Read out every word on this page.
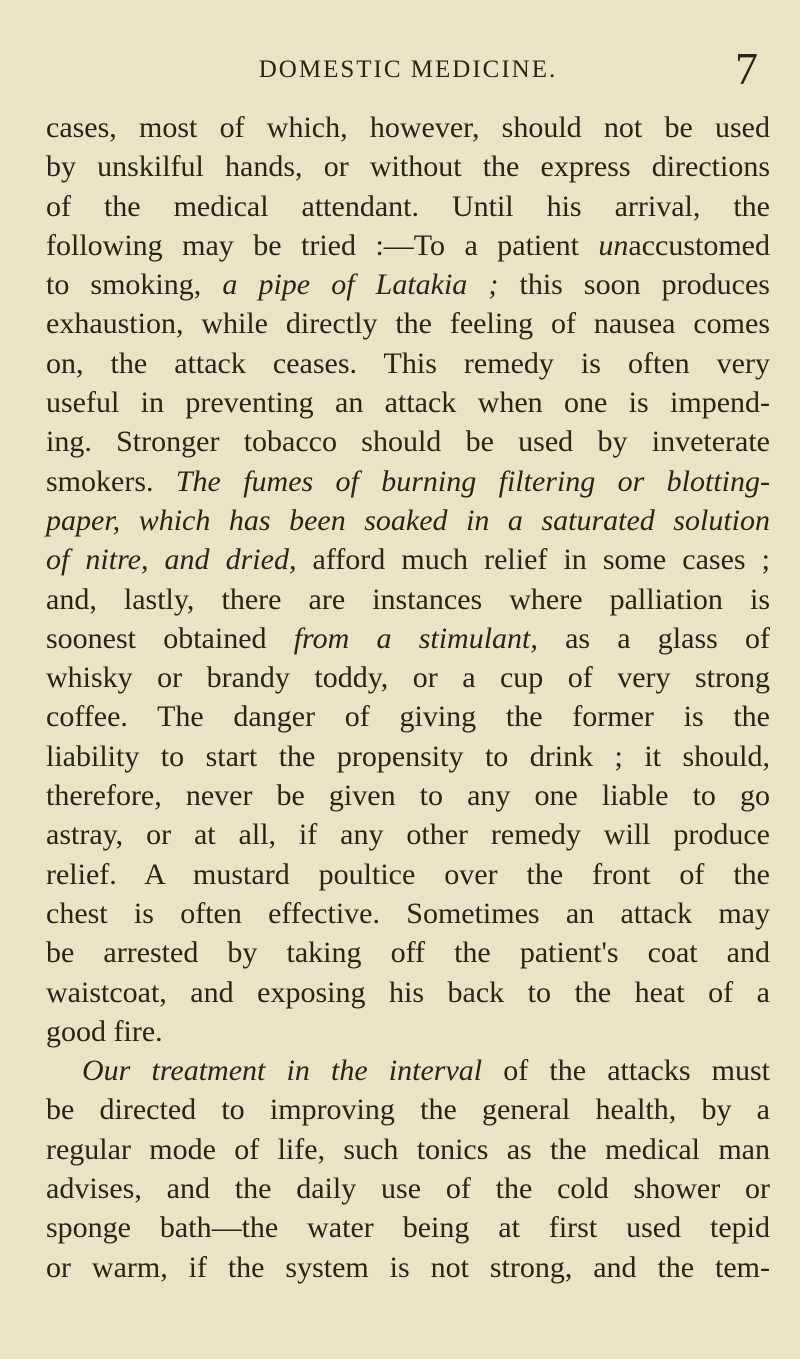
DOMESTIC MEDICINE.	7
cases, most of which, however, should not be used
by unskilful hands, or without the express directions
of the medical attendant. Until his arrival, the
following may be tried :—To a patient unaccustomed
to smoking, a pipe of Latakia ; this soon produces
exhaustion, while directly the feeling of nausea comes
on, the attack ceases. This remedy is often very
useful in preventing an attack when one is impend-
ing. Stronger tobacco should be used by inveterate
smokers. The fumes of burning filtering or blotting-
paper, which has been soaked in a saturated solution
of nitre, and dried, afford much relief in some cases ;
and, lastly, there are instances where palliation is
soonest obtained from a stimulant, as a glass of
whisky or brandy toddy, or a cup of very strong
coffee. The danger of giving the former is the
liability to start the propensity to drink ; it should,
therefore, never be given to any one liable to go
astray, or at all, if any other remedy will produce
relief. A mustard poultice over the front of the
chest is often effective. Sometimes an attack may
be arrested by taking off the patient's coat and
waistcoat, and exposing his back to the heat of a
good fire.
Our treatment in the interval of the attacks must
be directed to improving the general health, by a
regular mode of life, such tonics as the medical man
advises, and the daily use of the cold shower or
sponge bath—the water being at first used tepid
or warm, if the system is not strong, and the tem-
